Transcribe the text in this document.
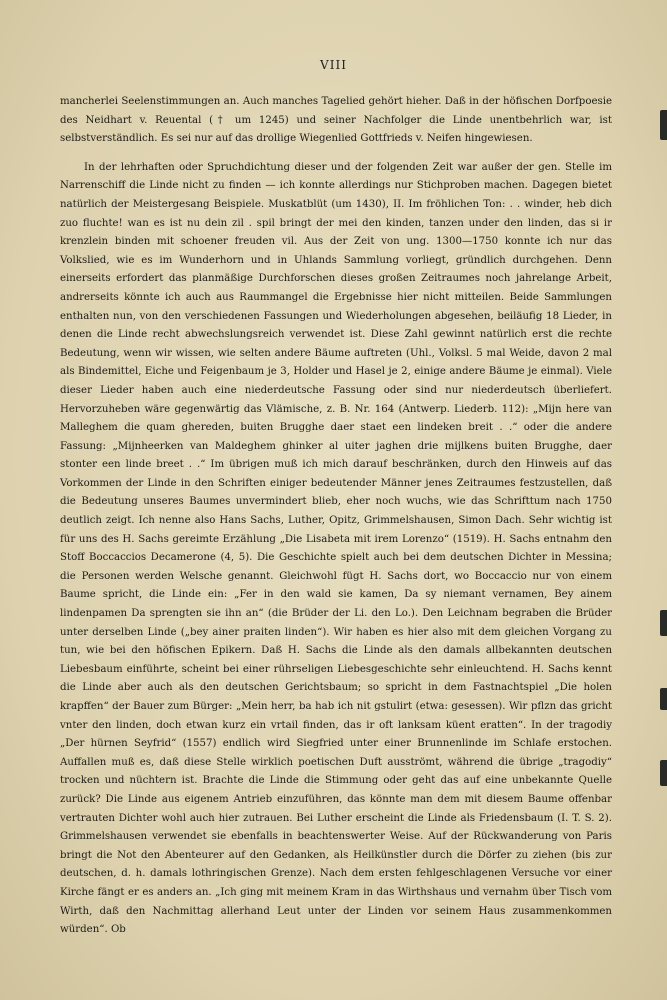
VIII

mancherlei Seelenstimmungen an. Auch manches Tagelied gehört hieher. Daß in der höfischen Dorfpoesie des Neidhart v. Reuental († um 1245) und seiner Nachfolger die Linde unentbehrlich war, ist selbstverständlich. Es sei nur auf das drollige Wiegenlied Gottfrieds v. Neifen hingewiesen.

In der lehrhaften oder Spruchdichtung dieser und der folgenden Zeit war außer der gen. Stelle im Narrenschiff die Linde nicht zu finden — ich konnte allerdings nur Stichproben machen. Dagegen bietet natürlich der Meistergesang Beispiele. Muskatblüt (um 1430), II. Im fröhlichen Ton: . . winder, heb dich zuo fluchte! wan es ist nu dein zil . spil bringt der mei den kinden, tanzen under den linden, das si ir krenzlein binden mit schoener freuden vil. Aus der Zeit von ung. 1300—1750 konnte ich nur das Volkslied, wie es im Wunderhorn und in Uhlands Sammlung vorliegt, gründlich durchgehen. Denn einerseits erfordert das planmäßige Durchforschen dieses großen Zeitraumes noch jahrelange Arbeit, andrerseits könnte ich auch aus Raummangel die Ergebnisse hier nicht mitteilen. Beide Sammlungen enthalten nun, von den verschiedenen Fassungen und Wiederholungen abgesehen, beiläufig 18 Lieder, in denen die Linde recht abwechslungsreich verwendet ist. Diese Zahl gewinnt natürlich erst die rechte Bedeutung, wenn wir wissen, wie selten andere Bäume auftreten (Uhl., Volksl. 5 mal Weide, davon 2 mal als Bindemittel, Eiche und Feigenbaum je 3, Holder und Hasel je 2, einige andere Bäume je einmal). Viele dieser Lieder haben auch eine niederdeutsche Fassung oder sind nur niederdeutsch überliefert. Hervorzuheben wäre gegenwärtig das Vlämische, z. B. Nr. 164 (Antwerp. Liederb. 112): „Mijn here van Malleghem die quam ghereden, buiten Brugghe daer staet een lindeken breit . .“ oder die andere Fassung: „Mijnheerken van Maldeghem ghinker al uiter jaghen drie mijlkens buiten Brugghe, daer stonter een linde breet . .“ Im übrigen muß ich mich darauf beschränken, durch den Hinweis auf das Vorkommen der Linde in den Schriften einiger bedeutender Männer jenes Zeitraumes festzustellen, daß die Bedeutung unseres Baumes unvermindert blieb, eher noch wuchs, wie das Schrifttum nach 1750 deutlich zeigt. Ich nenne also Hans Sachs, Luther, Opitz, Grimmelshausen, Simon Dach. Sehr wichtig ist für uns des H. Sachs gereimte Erzählung „Die Lisabeta mit irem Lorenzo“ (1519). H. Sachs entnahm den Stoff Boccaccios Decamerone (4, 5). Die Geschichte spielt auch bei dem deutschen Dichter in Messina; die Personen werden Welsche genannt. Gleichwohl fügt H. Sachs dort, wo Boccaccio nur von einem Baume spricht, die Linde ein: „Fer in den wald sie kamen, Da sy niemant vernamen, Bey ainem lindenpamen Da sprengten sie ihn an“ (die Brüder der Li. den Lo.). Den Leichnam begraben die Brüder unter derselben Linde („bey ainer praiten linden“). Wir haben es hier also mit dem gleichen Vorgang zu tun, wie bei den höfischen Epikern. Daß H. Sachs die Linde als den damals allbekannten deutschen Liebesbaum einführte, scheint bei einer rührseligen Liebesgeschichte sehr einleuchtend. H. Sachs kennt die Linde aber auch als den deutschen Gerichtsbaum; so spricht in dem Fastnachtspiel „Die holen krapffen“ der Bauer zum Bürger: „Mein herr, ba hab ich nit gstulirt (etwa: gesessen). Wir pflzn das gricht vnter den linden, doch etwan kurz ein vrtail finden, das ir oft lanksam küent eratten“. In der tragodiy „Der hürnen Seyfrid“ (1557) endlich wird Siegfried unter einer Brunnenlinde im Schlafe erstochen. Auffallen muß es, daß diese Stelle wirklich poetischen Duft ausströmt, während die übrige „tragodiy“ trocken und nüchtern ist. Brachte die Linde die Stimmung oder geht das auf eine unbekannte Quelle zurück? Die Linde aus eigenem Antrieb einzuführen, das könnte man dem mit diesem Baume offenbar vertrauten Dichter wohl auch hier zutrauen. Bei Luther erscheint die Linde als Friedensbaum (I. T. S. 2). Grimmelshausen verwendet sie ebenfalls in beachtenswerter Weise. Auf der Rückwanderung von Paris bringt die Not den Abenteurer auf den Gedanken, als Heilkünstler durch die Dörfer zu ziehen (bis zur deutschen, d. h. damals lothringischen Grenze). Nach dem ersten fehlgeschlagenen Versuche vor einer Kirche fängt er es anders an. „Ich ging mit meinem Kram in das Wirthshaus und vernahm über Tisch vom Wirth, daß den Nachmittag allerhand Leut unter der Linden vor seinem Haus zusammenkommen würden“. Ob
